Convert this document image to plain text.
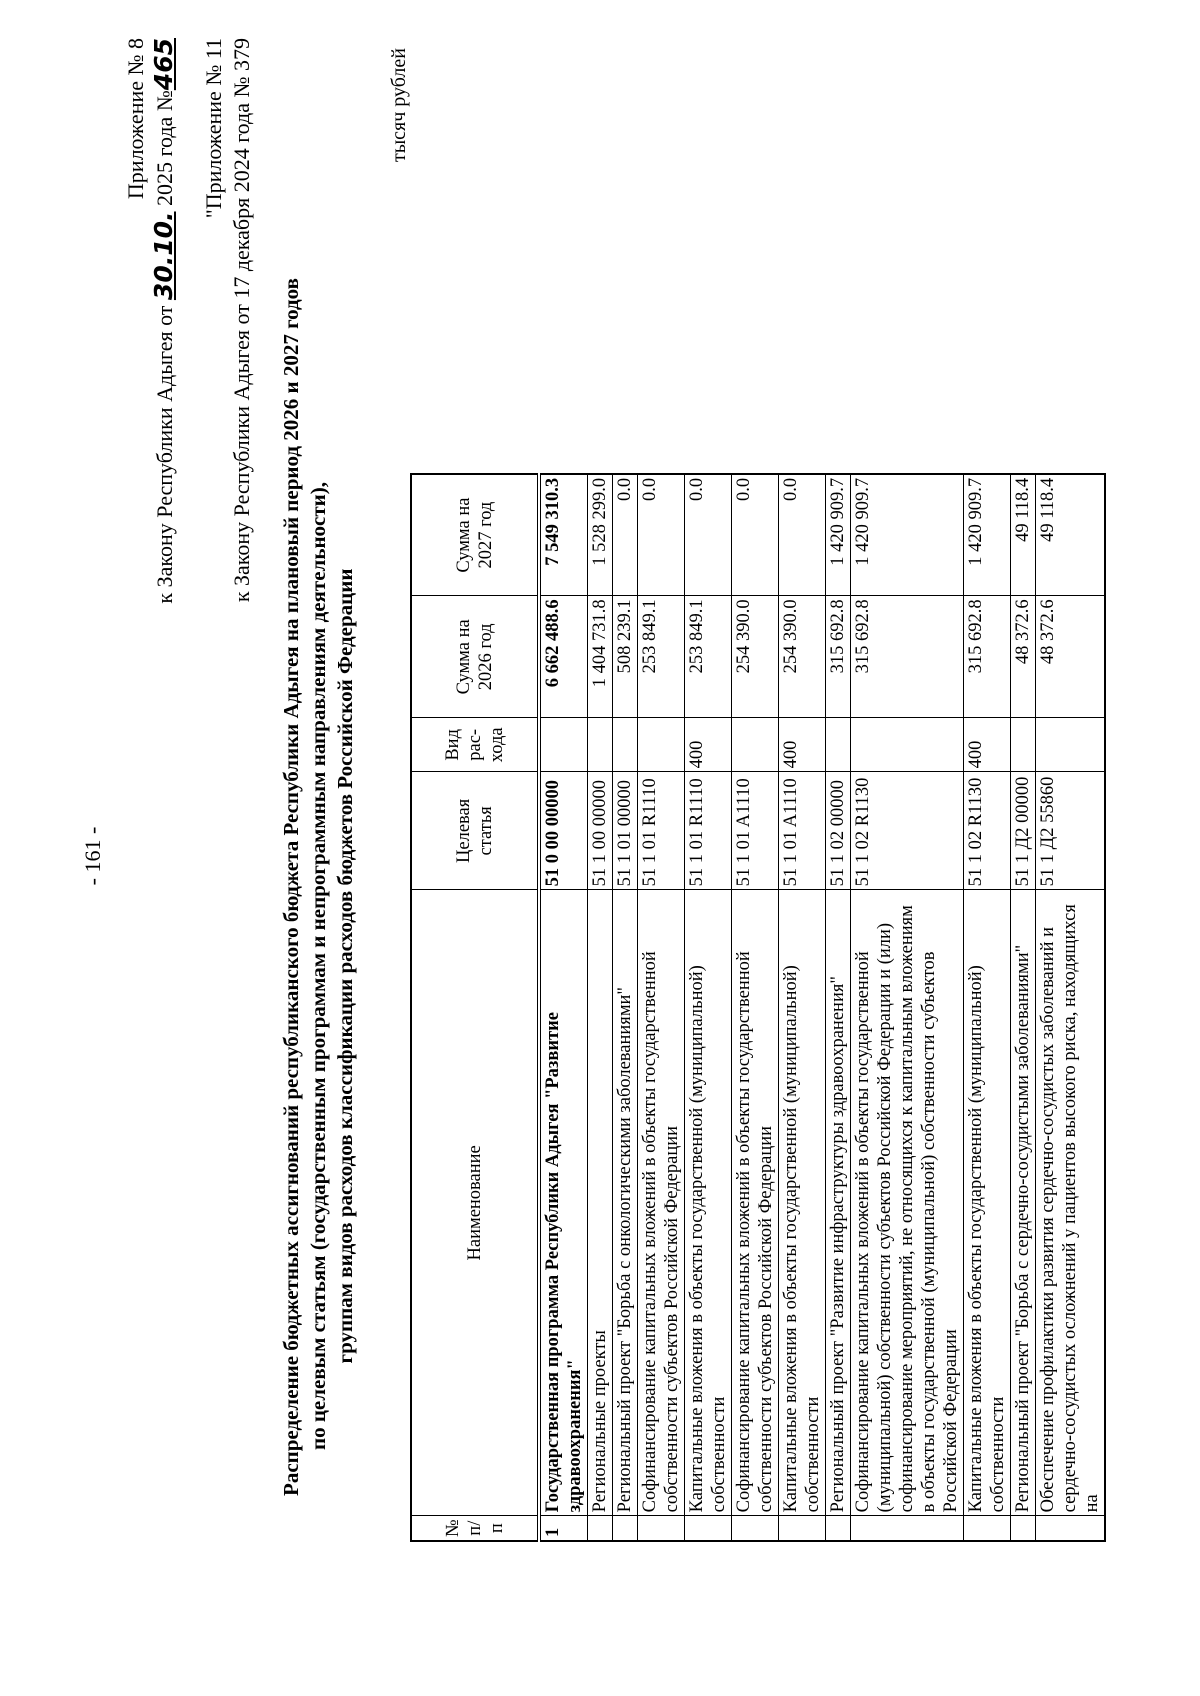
- 161 -
Приложение № 8
к Закону Республики Адыгея от 30.10. 2025 года №465 "Приложение № 11 к Закону Республики Адыгея от 17 декабря 2024 года № 379 Распределение бюджетных ассигнований республиканского бюджета Республики Адыгея на плановый период 2026 и 2027 годов по целевым статьям (государственным программам и непрограммным направлениям деятельности), группам видов расходов классификации расходов бюджетов Российской Федерации
тысяч рублей
№ п/п	Наименование	Целевая статья	Вид рас-хода	Сумма на 2026 год	Сумма на 2027 год
1	Государственная программа Республики Адыгея "Развитие здравоохранения"	51 0 00 00000		6 662 488.6	7 549 310.3
	Региональные проекты	51 1 00 00000		1 404 731.8	1 528 299.0
	Региональный проект "Борьба с онкологическими заболеваниями"	51 1 01 00000		508 239.1	0.0
	Софинансирование капитальных вложений в объекты государственной собственности субъектов Российской Федерации	51 1 01 R1110		253 849.1	0.0
	Капитальные вложения в объекты государственной (муниципальной) собственности	51 1 01 R1110	400	253 849.1	0.0
	Софинансирование капитальных вложений в объекты государственной собственности субъектов Российской Федерации	51 1 01 A1110		254 390.0	0.0
	Капитальные вложения в объекты государственной (муниципальной) собственности	51 1 01 A1110	400	254 390.0	0.0
	Региональный проект "Развитие инфраструктуры здравоохранения"	51 1 02 00000		315 692.8	1 420 909.7
	Софинансирование капитальных вложений в объекты государственной (муниципальной) собственности субъектов Российской Федерации и (или) софинансирование мероприятий, не относящихся к капитальным вложениям в объекты государственной (муниципальной) собственности субъектов Российской Федерации	51 1 02 R1130		315 692.8	1 420 909.7
	Капитальные вложения в объекты государственной (муниципальной) собственности	51 1 02 R1130	400	315 692.8	1 420 909.7
	Региональный проект "Борьба с сердечно-сосудистыми заболеваниями"	51 1 Д2 00000		48 372.6	49 118.4
	Обеспечение профилактики развития сердечно-сосудистых заболеваний и сердечно-сосудистых осложнений у пациентов высокого риска, находящихся на	51 1 Д2 55860		48 372.6	49 118.4
